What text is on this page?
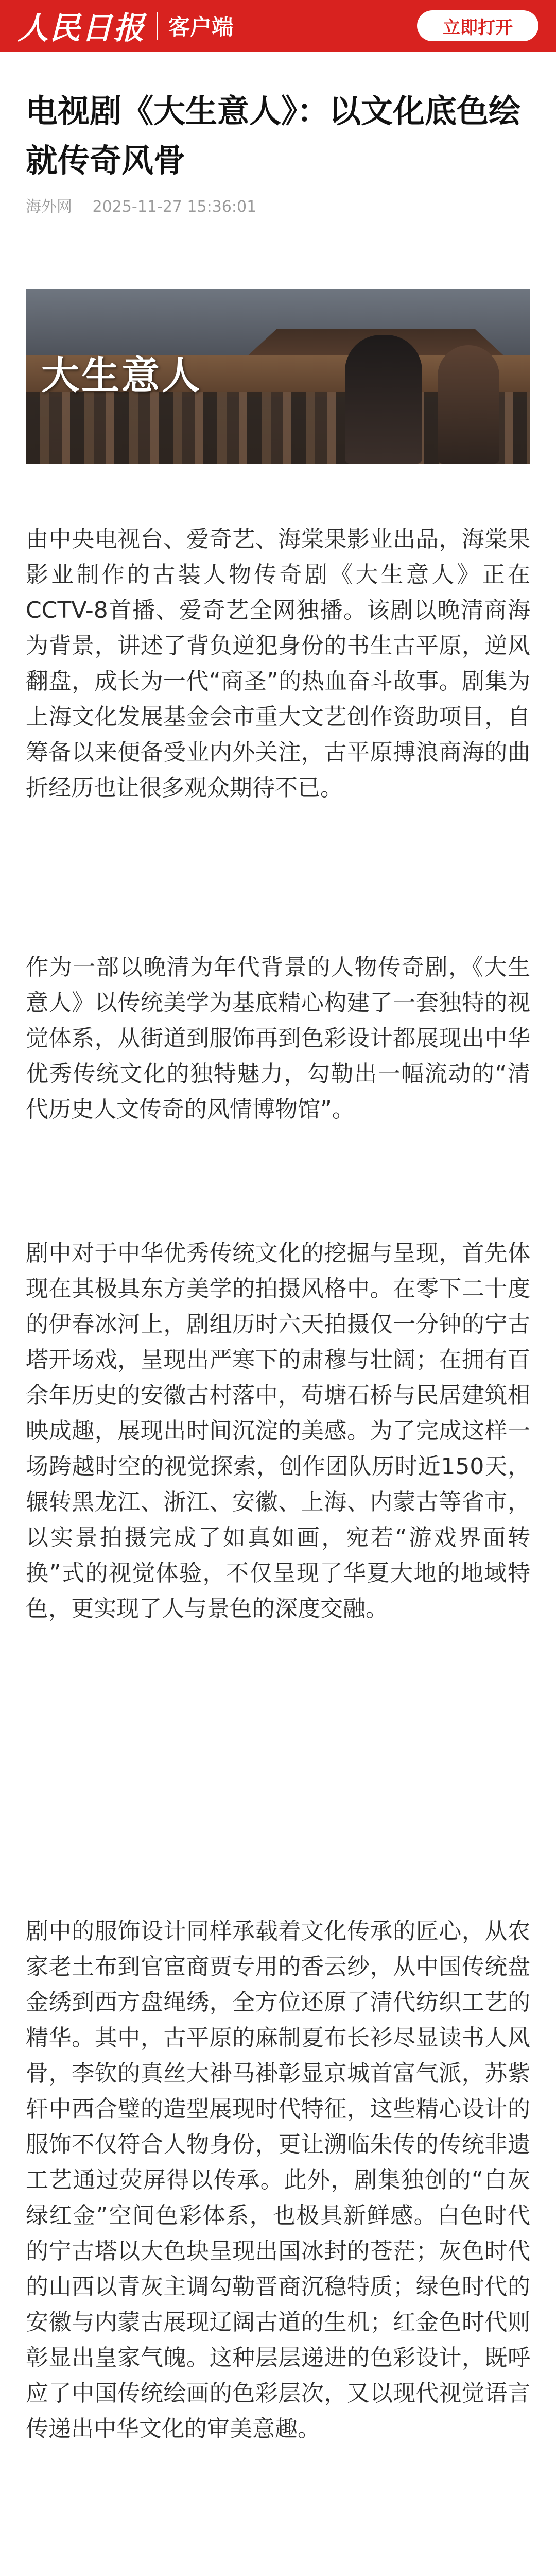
人民日报 客户端	立即打开
电视剧《大生意人》：以文化底色绘就传奇风骨
海外网 2025-11-27 15:36:01
大生意人

由中央电视台、爱奇艺、海棠果影业出品，海棠果影业制作的古装人物传奇剧《大生意人》正在CCTV-8首播、爱奇艺全网独播。该剧以晚清商海为背景，讲述了背负逆犯身份的书生古平原，逆风翻盘，成长为一代“商圣”的热血奋斗故事。剧集为上海文化发展基金会市重大文艺创作资助项目，自筹备以来便备受业内外关注，古平原搏浪商海的曲折经历也让很多观众期待不已。

作为一部以晚清为年代背景的人物传奇剧，《大生意人》以传统美学为基底精心构建了一套独特的视觉体系，从街道到服饰再到色彩设计都展现出中华优秀传统文化的独特魅力，勾勒出一幅流动的“清代历史人文传奇的风情博物馆”。

剧中对于中华优秀传统文化的挖掘与呈现，首先体现在其极具东方美学的拍摄风格中。在零下二十度的伊春冰河上，剧组历时六天拍摄仅一分钟的宁古塔开场戏，呈现出严寒下的肃穆与壮阔；在拥有百余年历史的安徽古村落中，苟塘石桥与民居建筑相映成趣，展现出时间沉淀的美感。为了完成这样一场跨越时空的视觉探索，创作团队历时近150天，辗转黑龙江、浙江、安徽、上海、内蒙古等省市，以实景拍摄完成了如真如画，宛若“游戏界面转换”式的视觉体验，不仅呈现了华夏大地的地域特色，更实现了人与景色的深度交融。

剧中的服饰设计同样承载着文化传承的匠心，从农家老土布到官宦商贾专用的香云纱，从中国传统盘金绣到西方盘绳绣，全方位还原了清代纺织工艺的精华。其中，古平原的麻制夏布长衫尽显读书人风骨，李钦的真丝大褂马褂彰显京城首富气派，苏紫轩中西合璧的造型展现时代特征，这些精心设计的服饰不仅符合人物身份，更让溯临朱传的传统非遗工艺通过荧屏得以传承。此外，剧集独创的“白灰绿红金”空间色彩体系，也极具新鲜感。白色时代的宁古塔以大色块呈现出国冰封的苍茫；灰色时代的山西以青灰主调勾勒晋商沉稳特质；绿色时代的安徽与内蒙古展现辽阔古道的生机；红金色时代则彰显出皇家气魄。这种层层递进的色彩设计，既呼应了中国传统绘画的色彩层次，又以现代视觉语言传递出中华文化的审美意趣。
